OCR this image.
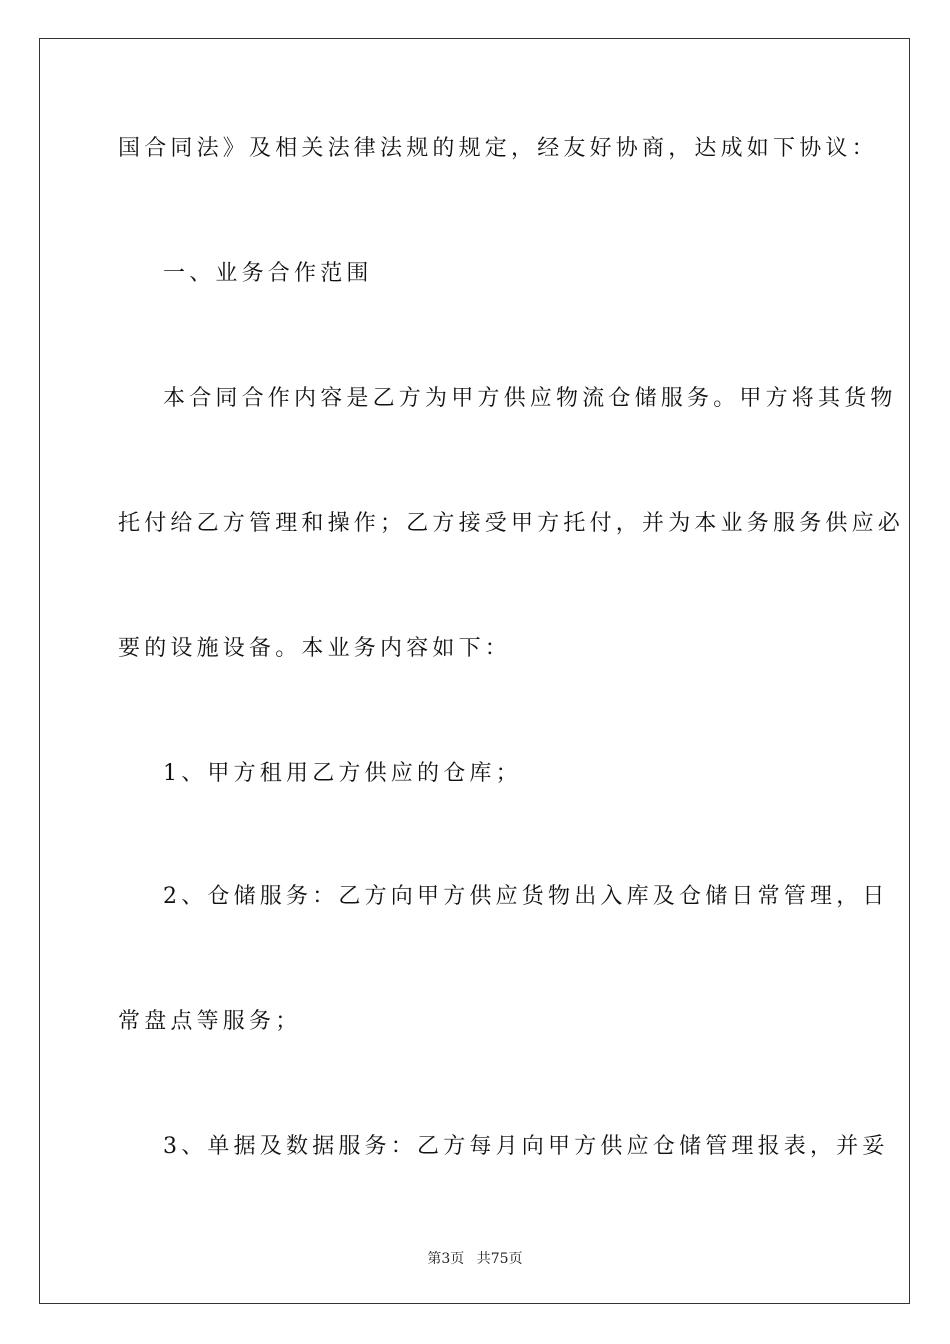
国合同法》及相关法律法规的规定，经友好协商，达成如下协议：
一、业务合作范围
本合同合作内容是乙方为甲方供应物流仓储服务。甲方将其货物
托付给乙方管理和操作；乙方接受甲方托付，并为本业务服务供应必
要的设施设备。本业务内容如下：
1、甲方租用乙方供应的仓库；
2、仓储服务：乙方向甲方供应货物出入库及仓储日常管理，日
常盘点等服务；
3、单据及数据服务：乙方每月向甲方供应仓储管理报表，并妥
第3页 共75页
